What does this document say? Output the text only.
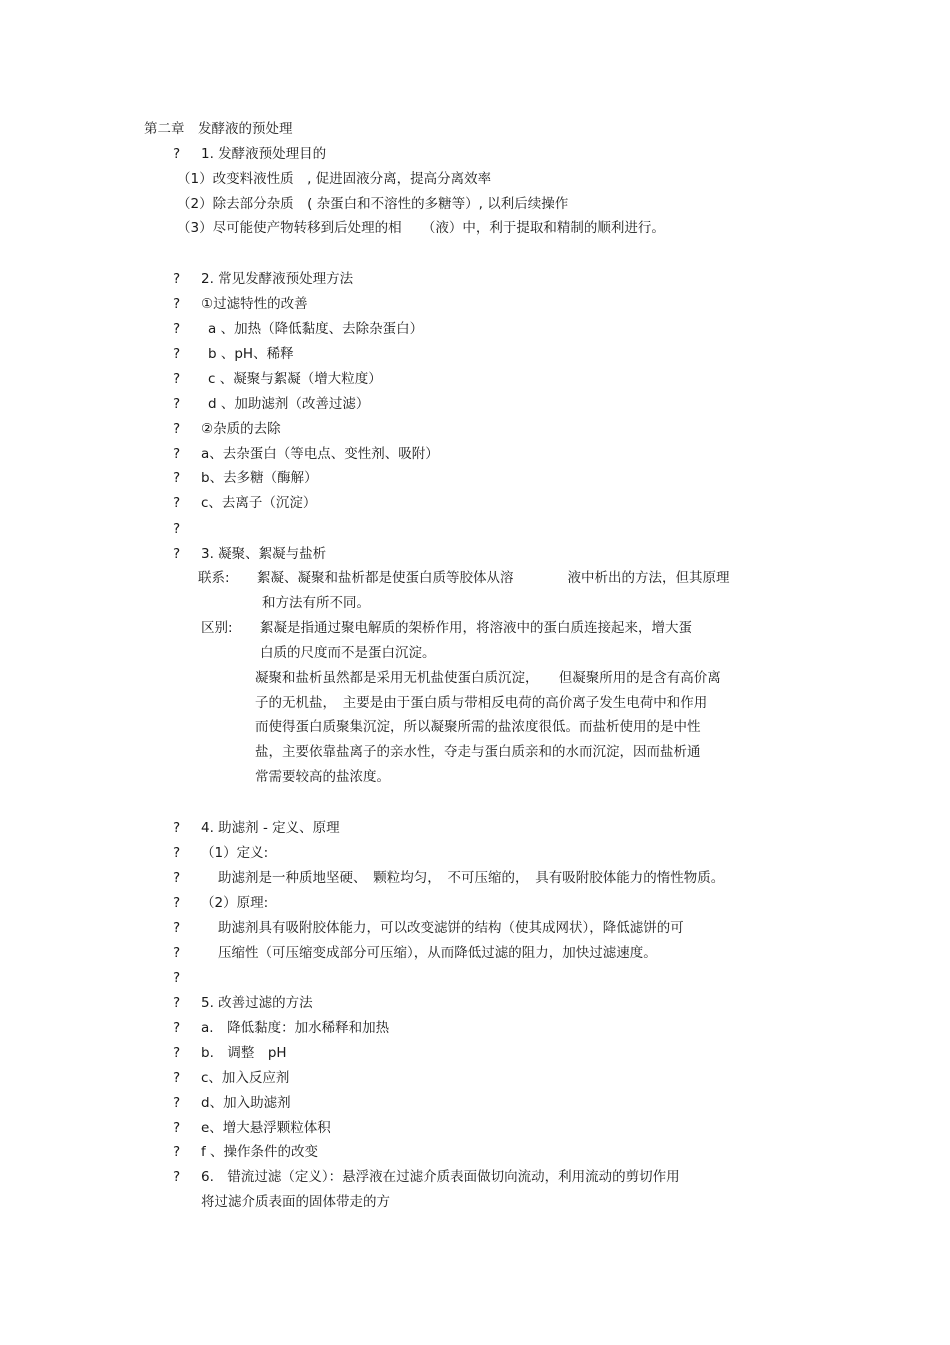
第二章　发酵液的预处理
? 1. 发酵液预处理目的
（1）改变料液性质　, 促进固液分离，提高分离效率
（2）除去部分杂质　( 杂蛋白和不溶性的多糖等）, 以利后续操作
（3）尽可能使产物转移到后处理的相　　（液）中，利于提取和精制的顺利进行。
? 2. 常见发酵液预处理方法
? ①过滤特性的改善
? a 、加热（降低黏度、去除杂蛋白）
? b 、pH、稀释
? c 、凝聚与絮凝（增大粒度）
? d 、加助滤剂（改善过滤）
? ②杂质的去除
? a、去杂蛋白（等电点、变性剂、吸附）
? b、去多糖（酶解）
? c、去离子（沉淀）
?
? 3. 凝聚、絮凝与盐析
联系: 絮凝、凝聚和盐析都是使蛋白质等胶体从溶　　　　液中析出的方法，但其原理
和方法有所不同。
区别: 絮凝是指通过聚电解质的架桥作用，将溶液中的蛋白质连接起来，增大蛋
白质的尺度而不是蛋白沉淀。
凝聚和盐析虽然都是采用无机盐使蛋白质沉淀，　　但凝聚所用的是含有高价离
子的无机盐，　主要是由于蛋白质与带相反电荷的高价离子发生电荷中和作用
而使得蛋白质聚集沉淀，所以凝聚所需的盐浓度很低。而盐析使用的是中性
盐，主要依靠盐离子的亲水性，夺走与蛋白质亲和的水而沉淀，因而盐析通
常需要较高的盐浓度。
? 4. 助滤剂 - 定义、原理
? （1）定义:
?	助滤剂是一种质地坚硬、　颗粒均匀，　不可压缩的，　具有吸附胶体能力的惰性物质。
? （2）原理:
?	助滤剂具有吸附胶体能力，可以改变滤饼的结构（使其成网状），降低滤饼的可
?	压缩性（可压缩变成部分可压缩），从而降低过滤的阻力，加快过滤速度。
?
? 5. 改善过滤的方法
? a.　降低黏度：加水稀释和加热
? b.　调整　pH
? c、加入反应剂
? d、加入助滤剂
? e、增大悬浮颗粒体积
? f 、操作条件的改变
? 6.　错流过滤（定义）：悬浮液在过滤介质表面做切向流动，利用流动的剪切作用
将过滤介质表面的固体带走的方
